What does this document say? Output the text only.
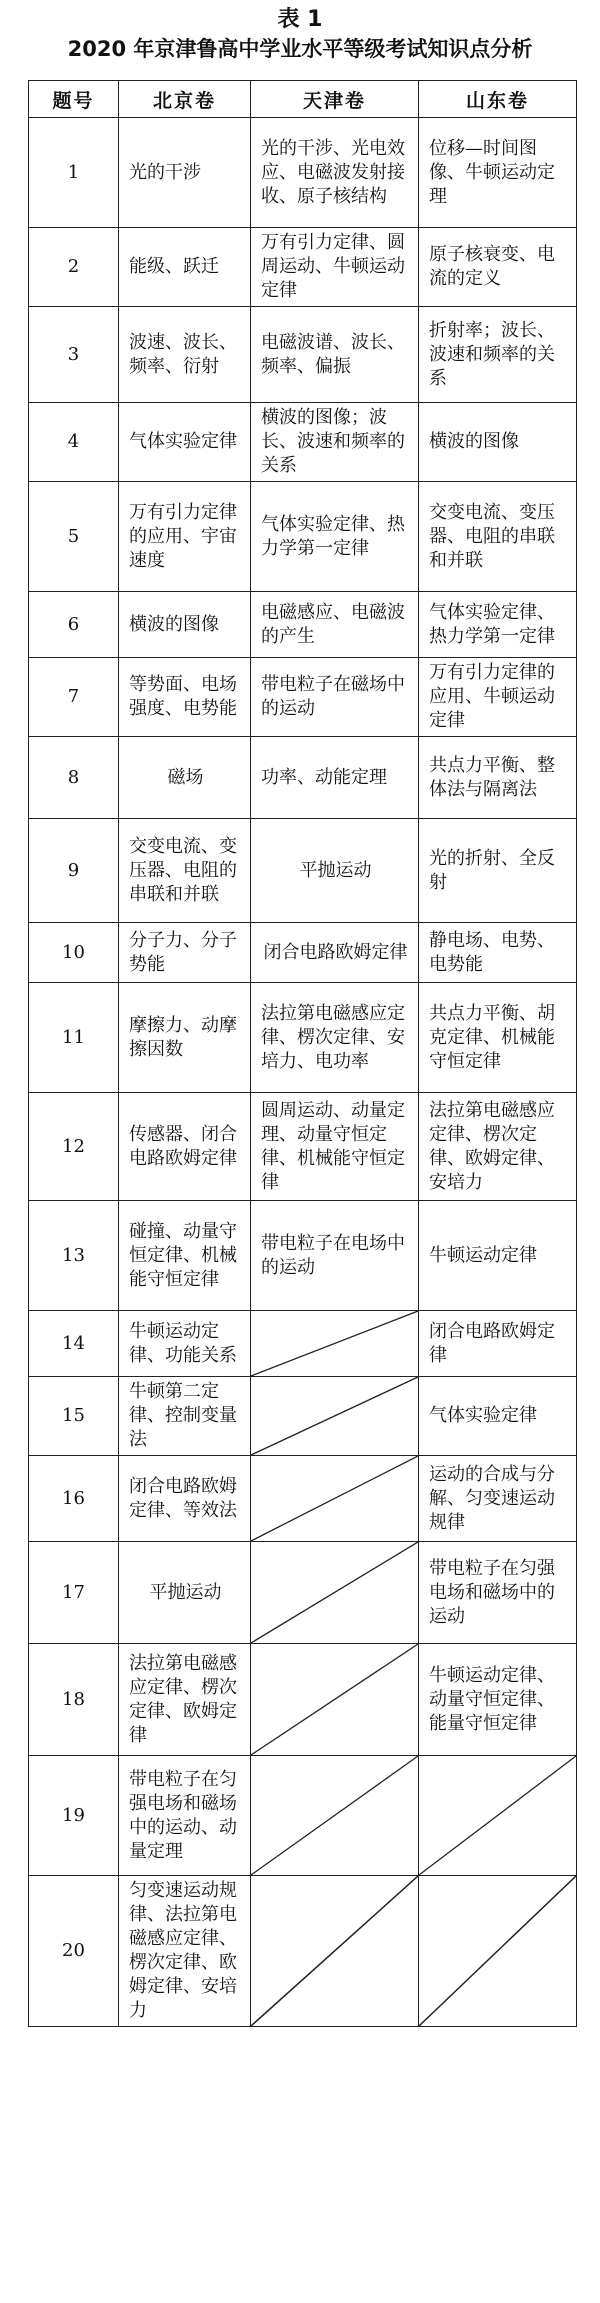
表 1
2020 年京津鲁高中学业水平等级考试知识点分析
题号	北京卷	天津卷	山东卷
1	光的干涉	光的干涉、光电效应、电磁波发射接收、原子核结构	位移—时间图像、牛顿运动定理
2	能级、跃迁	万有引力定律、圆周运动、牛顿运动定律	原子核衰变、电流的定义
3	波速、波长、频率、衍射	电磁波谱、波长、频率、偏振	折射率；波长、波速和频率的关系
4	气体实验定律	横波的图像；波长、波速和频率的关系	横波的图像
5	万有引力定律的应用、宇宙速度	气体实验定律、热力学第一定律	交变电流、变压器、电阻的串联和并联
6	横波的图像	电磁感应、电磁波的产生	气体实验定律、热力学第一定律
7	等势面、电场强度、电势能	带电粒子在磁场中的运动	万有引力定律的应用、牛顿运动定律
8	磁场	功率、动能定理	共点力平衡、整体法与隔离法
9	交变电流、变压器、电阻的串联和并联	平抛运动	光的折射、全反射
10	分子力、分子势能	闭合电路欧姆定律	静电场、电势、电势能
11	摩擦力、动摩擦因数	法拉第电磁感应定律、楞次定律、安培力、电功率	共点力平衡、胡克定律、机械能守恒定律
12	传感器、闭合电路欧姆定律	圆周运动、动量定理、动量守恒定律、机械能守恒定律	法拉第电磁感应定律、楞次定律、欧姆定律、安培力
13	碰撞、动量守恒定律、机械能守恒定律	带电粒子在电场中的运动	牛顿运动定律
14	牛顿运动定律、功能关系		闭合电路欧姆定律
15	牛顿第二定律、控制变量法		气体实验定律
16	闭合电路欧姆定律、等效法		运动的合成与分解、匀变速运动规律
17	平抛运动		带电粒子在匀强电场和磁场中的运动
18	法拉第电磁感应定律、楞次定律、欧姆定律		牛顿运动定律、动量守恒定律、能量守恒定律
19	带电粒子在匀强电场和磁场中的运动、动量定理	

20	匀变速运动规律、法拉第电磁感应定律、楞次定律、欧姆定律、安培力	
